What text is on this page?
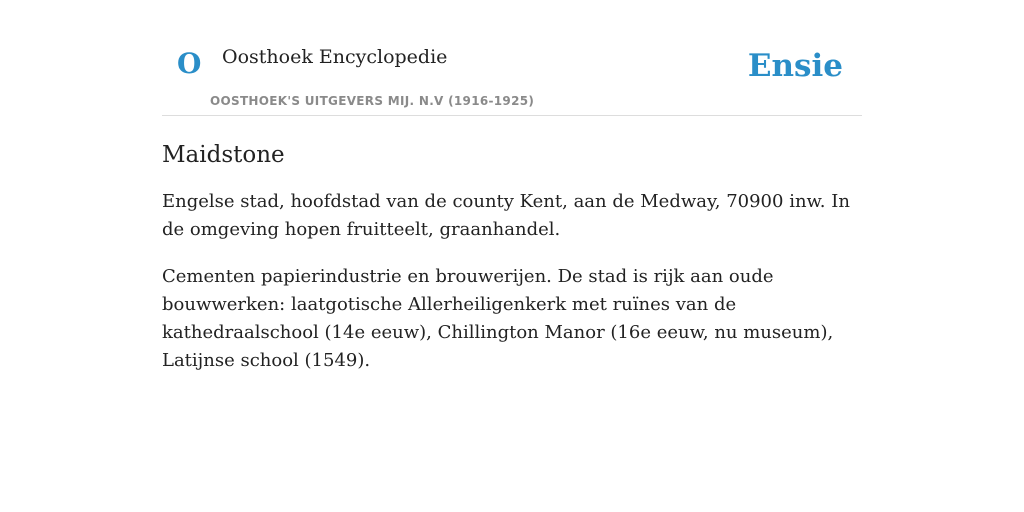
O Oosthoek Encyclopedie
OOSTHOEK'S UITGEVERS MIJ. N.V (1916-1925)
Ensie
Maidstone

Engelse stad, hoofdstad van de county Kent, aan de Medway, 70900 inw. In de omgeving hopen fruitteelt, graanhandel.

Cementen papierindustrie en brouwerijen. De stad is rijk aan oude bouwwerken: laatgotische Allerheiligenkerk met ruïnes van de kathedraalschool (14e eeuw), Chillington Manor (16e eeuw, nu museum), Latijnse school (1549).
